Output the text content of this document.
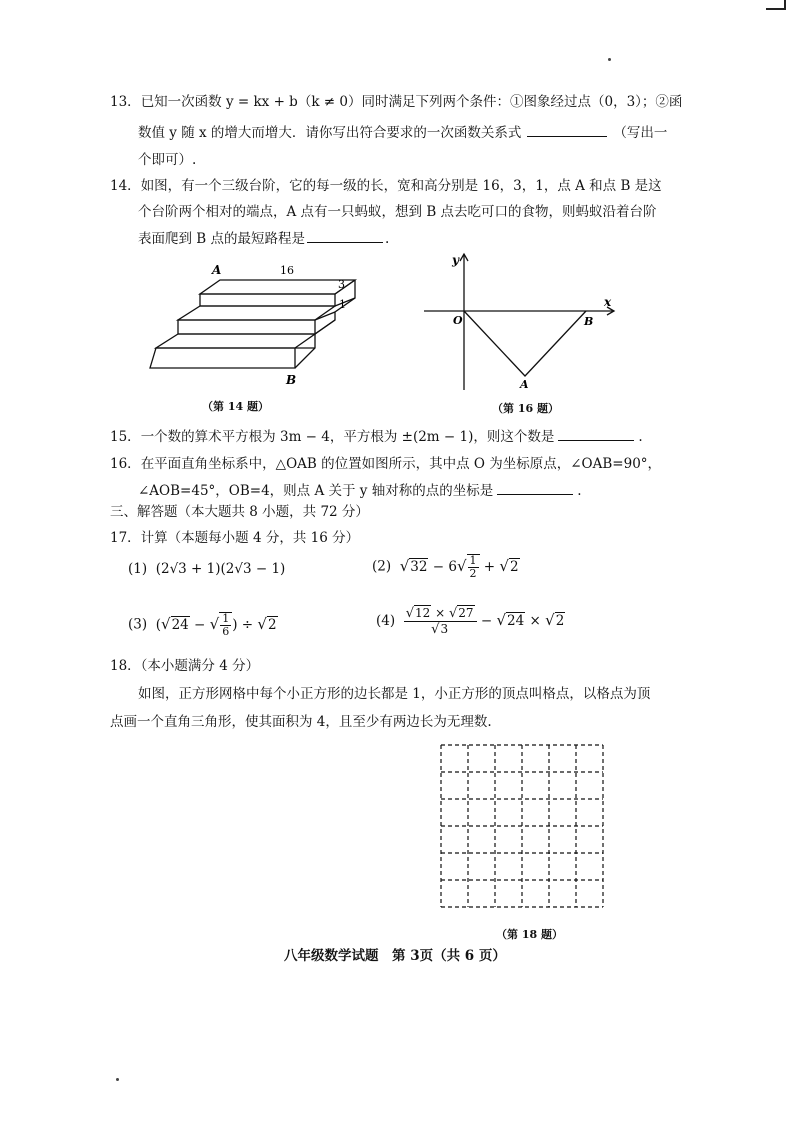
13．已知一次函数 y = kx + b（k ≠ 0）同时满足下列两个条件：①图象经过点（0，3）；②函
数值 y 随 x 的增大而增大．请你写出符合要求的一次函数关系式	（写出一
个即可）.
14．如图，有一个三级台阶，它的每一级的长，宽和高分别是 16，3，1，点 A 和点 B 是这
个台阶两个相对的端点，A 点有一只蚂蚁，想到 B 点去吃可口的食物，则蚂蚁沿着台阶
表面爬到 B 点的最短路程是	.
A	16
3
1
B
（第 14 题）
y
x
O	B
A
（第 16 题）
15．一个数的算术平方根为 3m − 4，平方根为 ±(2m − 1)，则这个数是	.
16．在平面直角坐标系中，△OAB 的位置如图所示，其中点 O 为坐标原点，∠OAB=90°，
∠AOB=45°，OB=4，则点 A 关于 y 轴对称的点的坐标是	.
三、解答题（本大题共 8 小题，共 72 分）
17．计算（本题每小题 4 分，共 16 分）
(1) (2√3 + 1)(2√3 − 1)	(2) $√32 - 6√ \frac{1}{2} + √2$
(3)  (√24 − √ $\frac{1}{6}$ ) ÷ √2	$(4) \frac{√12 \times √27}{√3} - √24 \times √2$
18．（本小题满分 4 分）
如图，正方形网格中每个小正方形的边长都是 1，小正方形的顶点叫格点，以格点为顶
点画一个直角三角形，使其面积为 4，且至少有两边长为无理数.
（第 18 题）
八年级数学试题　第 3页（共 6 页）
